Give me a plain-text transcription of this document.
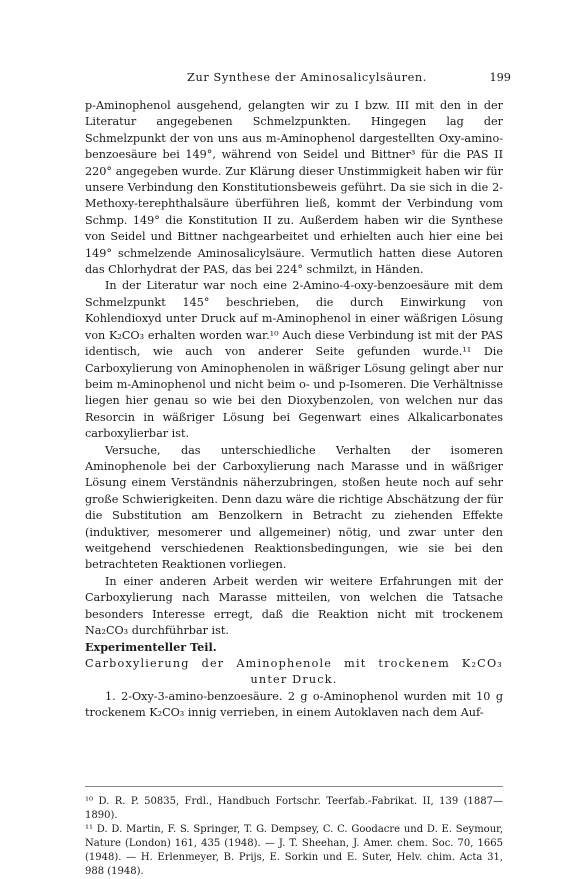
Zur Synthese der Aminosalicylsäuren.	199

p-Aminophenol ausgehend, gelangten wir zu I bzw. III mit den in der Literatur angegebenen Schmelzpunkten. Hingegen lag der Schmelzpunkt der von uns aus m-Aminophenol dargestellten Oxy-amino-benzoesäure bei 149°, während von Seidel und Bittner³ für die PAS II 220° angegeben wurde. Zur Klärung dieser Unstimmigkeit haben wir für unsere Verbindung den Konstitutionsbeweis geführt. Da sie sich in die 2-Methoxy-terephthalsäure überführen ließ, kommt der Verbindung vom Schmp. 149° die Konstitution II zu. Außerdem haben wir die Synthese von Seidel und Bittner nachgearbeitet und erhielten auch hier eine bei 149° schmelzende Aminosalicylsäure. Vermutlich hatten diese Autoren das Chlorhydrat der PAS, das bei 224° schmilzt, in Händen.

In der Literatur war noch eine 2-Amino-4-oxy-benzoesäure mit dem Schmelzpunkt 145° beschrieben, die durch Einwirkung von Kohlendioxyd unter Druck auf m-Aminophenol in einer wäßrigen Lösung von K₂CO₃ erhalten worden war.¹⁰ Auch diese Verbindung ist mit der PAS identisch, wie auch von anderer Seite gefunden wurde.¹¹ Die Carboxylierung von Aminophenolen in wäßriger Lösung gelingt aber nur beim m-Aminophenol und nicht beim o- und p-Isomeren. Die Verhältnisse liegen hier genau so wie bei den Dioxybenzolen, von welchen nur das Resorcin in wäßriger Lösung bei Gegenwart eines Alkalicarbonates carboxylierbar ist.

Versuche, das unterschiedliche Verhalten der isomeren Aminophenole bei der Carboxylierung nach Marasse und in wäßriger Lösung einem Verständnis näherzubringen, stoßen heute noch auf sehr große Schwierigkeiten. Denn dazu wäre die richtige Abschätzung der für die Substitution am Benzolkern in Betracht zu ziehenden Effekte (induktiver, mesomerer und allgemeiner) nötig, und zwar unter den weitgehend verschiedenen Reaktionsbedingungen, wie sie bei den betrachteten Reaktionen vorliegen.

In einer anderen Arbeit werden wir weitere Erfahrungen mit der Carboxylierung nach Marasse mitteilen, von welchen die Tatsache besonders Interesse erregt, daß die Reaktion nicht mit trockenem Na₂CO₃ durchführbar ist.

Experimenteller Teil.

Carboxylierung der Aminophenole mit trockenem K₂CO₃ unter Druck.

1. 2-Oxy-3-amino-benzoesäure. 2 g o-Aminophenol wurden mit 10 g trockenem K₂CO₃ innig verrieben, in einem Autoklaven nach dem Auf-

¹⁰ D. R. P. 50835, Frdl., Handbuch Fortschr. Teerfab.-Fabrikat. II, 139 (1887—1890).

¹¹ D. D. Martin, F. S. Springer, T. G. Dempsey, C. C. Goodacre und D. E. Seymour, Nature (London) 161, 435 (1948). — J. T. Sheehan, J. Amer. chem. Soc. 70, 1665 (1948). — H. Erlenmeyer, B. Prijs, E. Sorkin und E. Suter, Helv. chim. Acta 31, 988 (1948).
